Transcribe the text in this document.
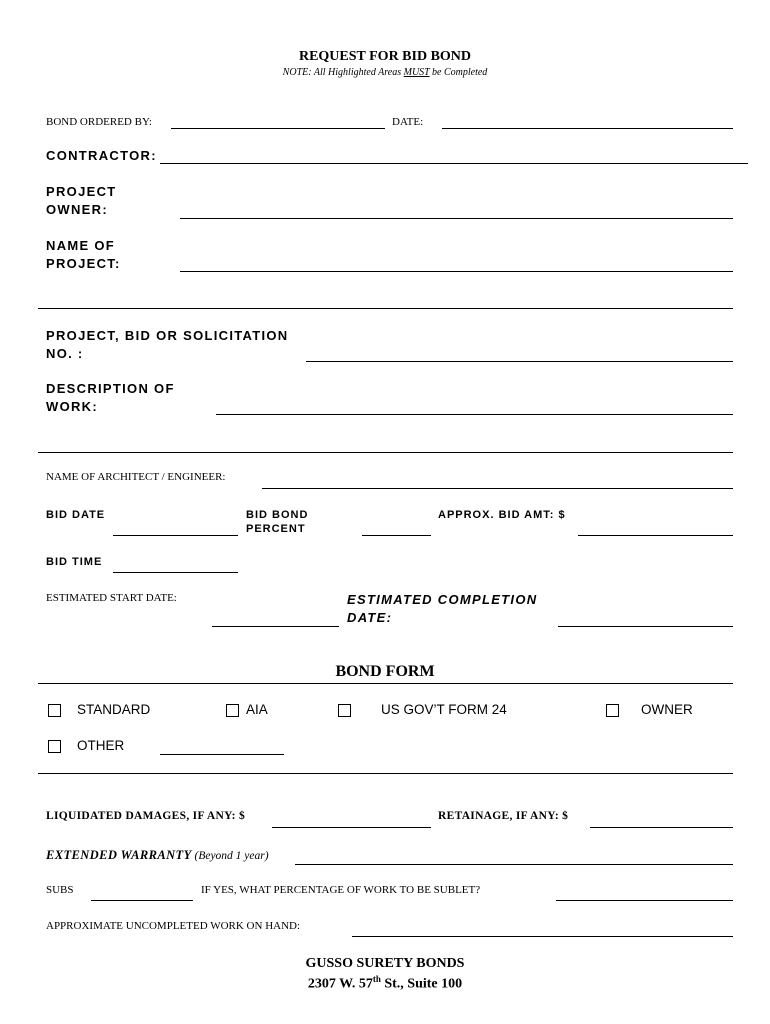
REQUEST FOR BID BOND
NOTE: All Highlighted Areas MUST be Completed
BOND ORDERED BY:	DATE:
CONTRACTOR:
PROJECT
OWNER:
NAME OF
PROJECT:
PROJECT, BID OR SOLICITATION
NO. :
DESCRIPTION OF
WORK:
NAME OF ARCHITECT / ENGINEER:
BID DATE	BID BOND
PERCENT
APPROX. BID AMT: $
BID TIME
ESTIMATED START DATE:	ESTIMATED COMPLETION
DATE:
BOND FORM
STANDARD	AIA	US GOV’T FORM 24	OWNER
OTHER
LIQUIDATED DAMAGES, IF ANY: $	RETAINAGE, IF ANY: $
EXTENDED WARRANTY (Beyond 1 year)
SUBS	IF YES, WHAT PERCENTAGE OF WORK TO BE SUBLET?
APPROXIMATE UNCOMPLETED WORK ON HAND:
GUSSO SURETY BONDS
2307 W. 57th St., Suite 100
